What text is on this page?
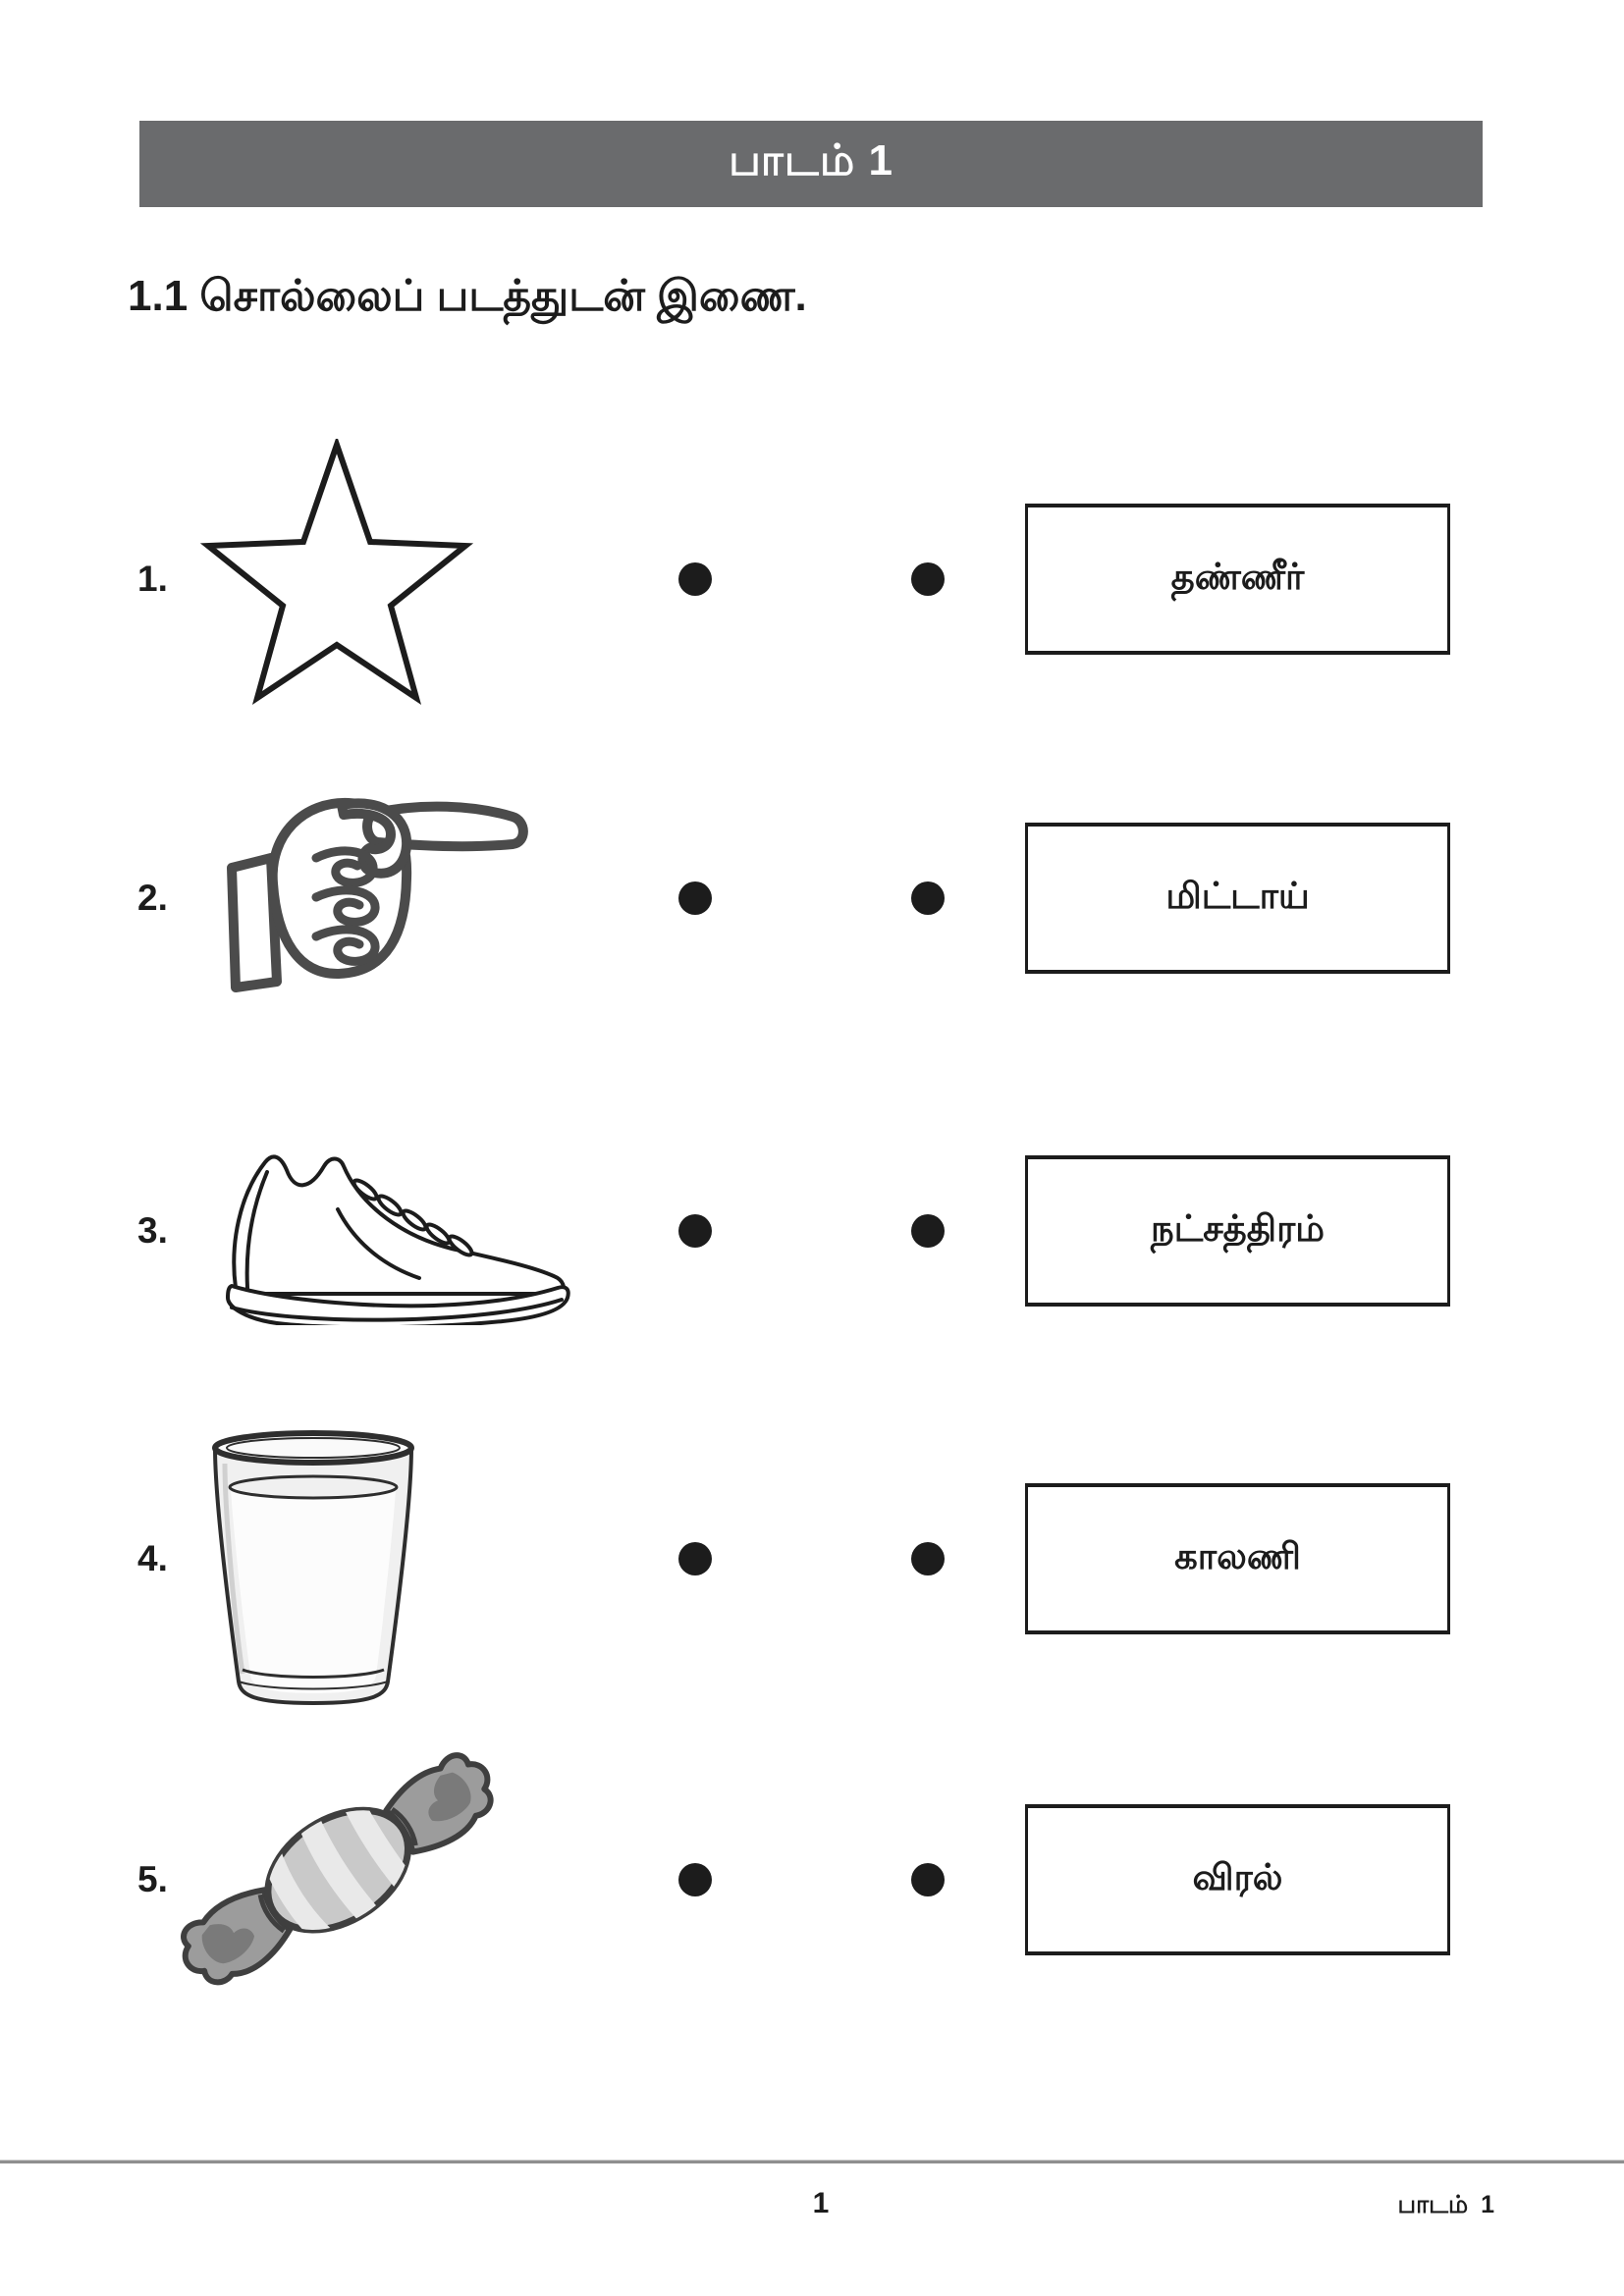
பாடம் 1
1.1 சொல்லைப் படத்துடன் இணை.
1.	தண்ணீர்
2.	மிட்டாய்
3.	நட்சத்திரம்
4.	காலணி
5.	விரல்
1	பாடம் 1
